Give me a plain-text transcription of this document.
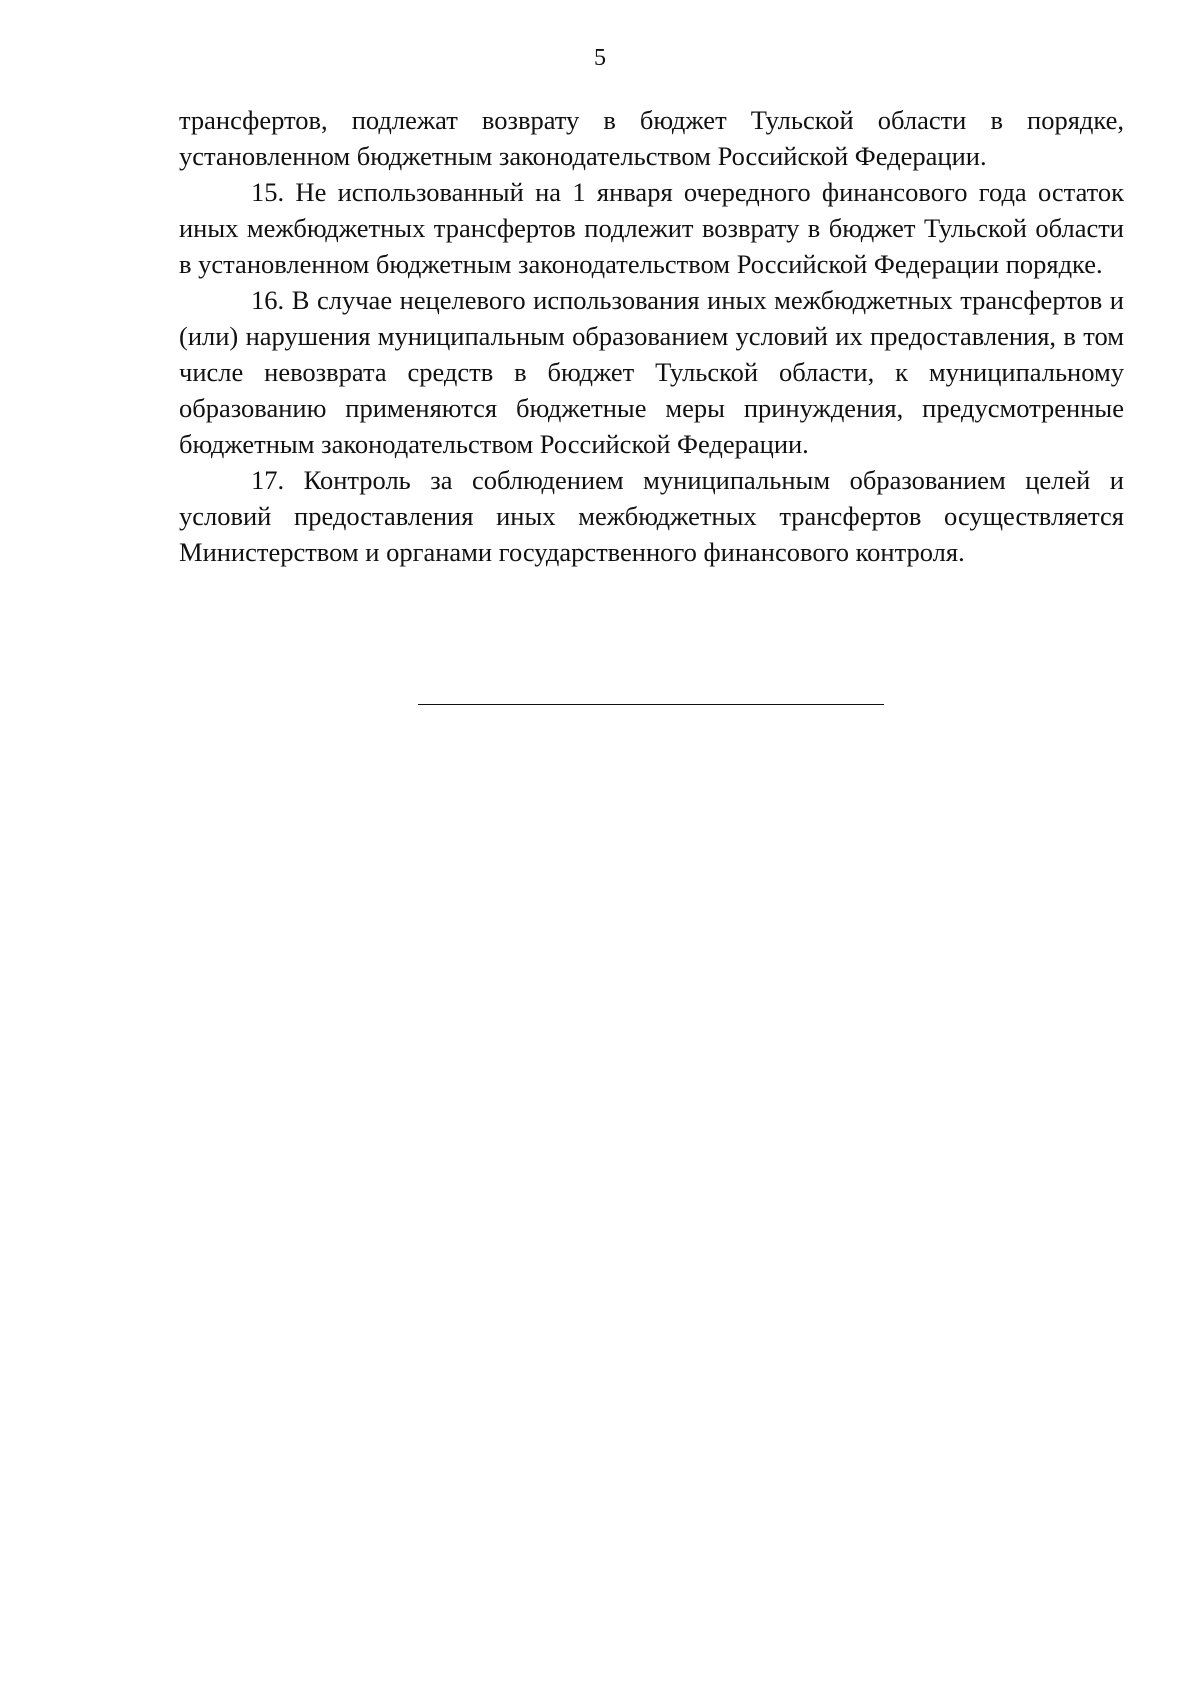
5

трансфертов, подлежат возврату в бюджет Тульской области в порядке, установленном бюджетным законодательством Российской Федерации.

15. Не использованный на 1 января очередного финансового года остаток иных межбюджетных трансфертов подлежит возврату в бюджет Тульской области в установленном бюджетным законодательством Российской Федерации порядке.

16. В случае нецелевого использования иных межбюджетных трансфертов и (или) нарушения муниципальным образованием условий их предоставления, в том числе невозврата средств в бюджет Тульской области, к муниципальному образованию применяются бюджетные меры принуждения, предусмотренные бюджетным законодательством Российской Федерации.

17. Контроль за соблюдением муниципальным образованием целей и условий предоставления иных межбюджетных трансфертов осуществляется Министерством и органами государственного финансового контроля.
